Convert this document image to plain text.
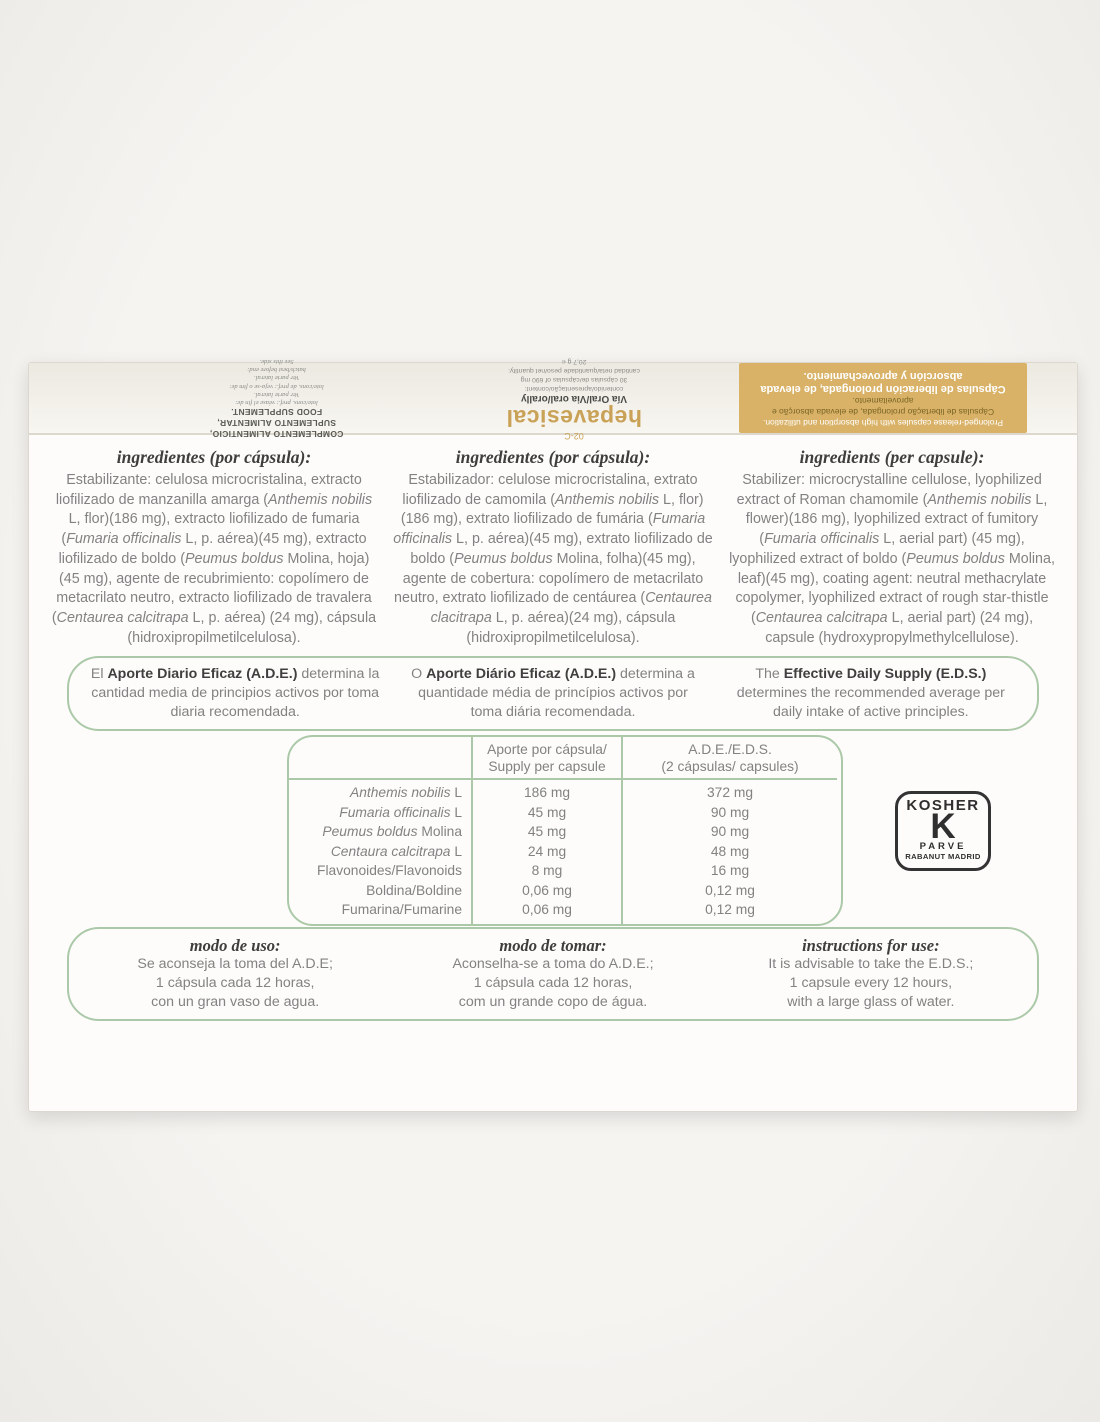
Prolonged-release capsules with high absorption and utilization.
Cápsulas de libertação prolongada, de elevada absorção e aproveitamento.
Cápsulas de liberación prolongada, de elevada absorción y aprovechamiento.
02-C
hepavesical
Vía Oral/Via oral/orally
contenido/apresentação/content:
30 cápsulas de/cápsulas of 690 mg
cantidad neta/quantidade peso/net quantity:
20,7 g ℮
COMPLEMENTO ALIMENTICIO,
SUPLEMENTO ALIMENTAR,
FOOD SUPPLEMENT.
lote/cons. pref.: véase el fin de:
Ver parte lateral.
lote/cons. de pref.: veja-se o fim de:
Ver parte lateral.
batch/best before end:
See this side.
ingredientes (por cápsula):
Estabilizante: celulosa microcristalina, extracto liofilizado de manzanilla amarga (Anthemis nobilis L, flor)(186 mg), extracto liofilizado de fumaria (Fumaria officinalis L, p. aérea)(45 mg), extracto liofilizado de boldo (Peumus boldus Molina, hoja)(45 mg), agente de recubrimiento: copolímero de metacrilato neutro, extracto liofilizado de travalera (Centaurea calcitrapa L, p. aérea) (24 mg), cápsula (hidroxipropilmetilcelulosa).
ingredientes (por cápsula):
Estabilizador: celulose microcristalina, extrato liofilizado de camomila (Anthemis nobilis L, flor)(186 mg), extrato liofilizado de fumária (Fumaria officinalis L, p. aérea)(45 mg), extrato liofilizado de boldo (Peumus boldus Molina, folha)(45 mg), agente de cobertura: copolímero de metacrilato neutro, extrato liofilizado de centáurea (Centaurea clacitrapa L, p. aérea)(24 mg), cápsula (hidroxipropilmetilcelulosa).
ingredients (per capsule):
Stabilizer: microcrystalline cellulose, lyophilized extract of Roman chamomile (Anthemis nobilis L, flower)(186 mg), lyophilized extract of fumitory (Fumaria officinalis L, aerial part) (45 mg), lyophilized extract of boldo (Peumus boldus Molina, leaf)(45 mg), coating agent: neutral methacrylate copolymer, lyophilized extract of rough star-thistle (Centaurea calcitrapa L, aerial part) (24 mg), capsule (hydroxypropylmethylcellulose).
El Aporte Diario Eficaz (A.D.E.) determina la cantidad media de principios activos por toma diaria recomendada.
O Aporte Diário Eficaz (A.D.E.) determina a quantidade média de princípios activos por toma diária recomendada.
The Effective Daily Supply (E.D.S.) determines the recommended average per daily intake of active principles.
Aporte por cápsula/
Supply per capsule
A.D.E./E.D.S.
(2 cápsulas/ capsules)
Anthemis nobilis L	186 mg	372 mg
Fumaria officinalis L	45 mg	90 mg
Peumus boldus Molina	45 mg	90 mg
Centaura calcitrapa L	24 mg	48 mg
Flavonoides/Flavonoids	8 mg	16 mg
Boldina/Boldine	0,06 mg	0,12 mg
Fumarina/Fumarine	0,06 mg	0,12 mg
KOSHER
K
PARVE
RABANUT MADRID
modo de uso:
Se aconseja la toma del A.D.E;
1 cápsula cada 12 horas,
con un gran vaso de agua.
modo de tomar:
Aconselha-se a toma do A.D.E.;
1 cápsula cada 12 horas,
com un grande copo de água.
instructions for use:
It is advisable to take the E.D.S.;
1 capsule every 12 hours,
with a large glass of water.
